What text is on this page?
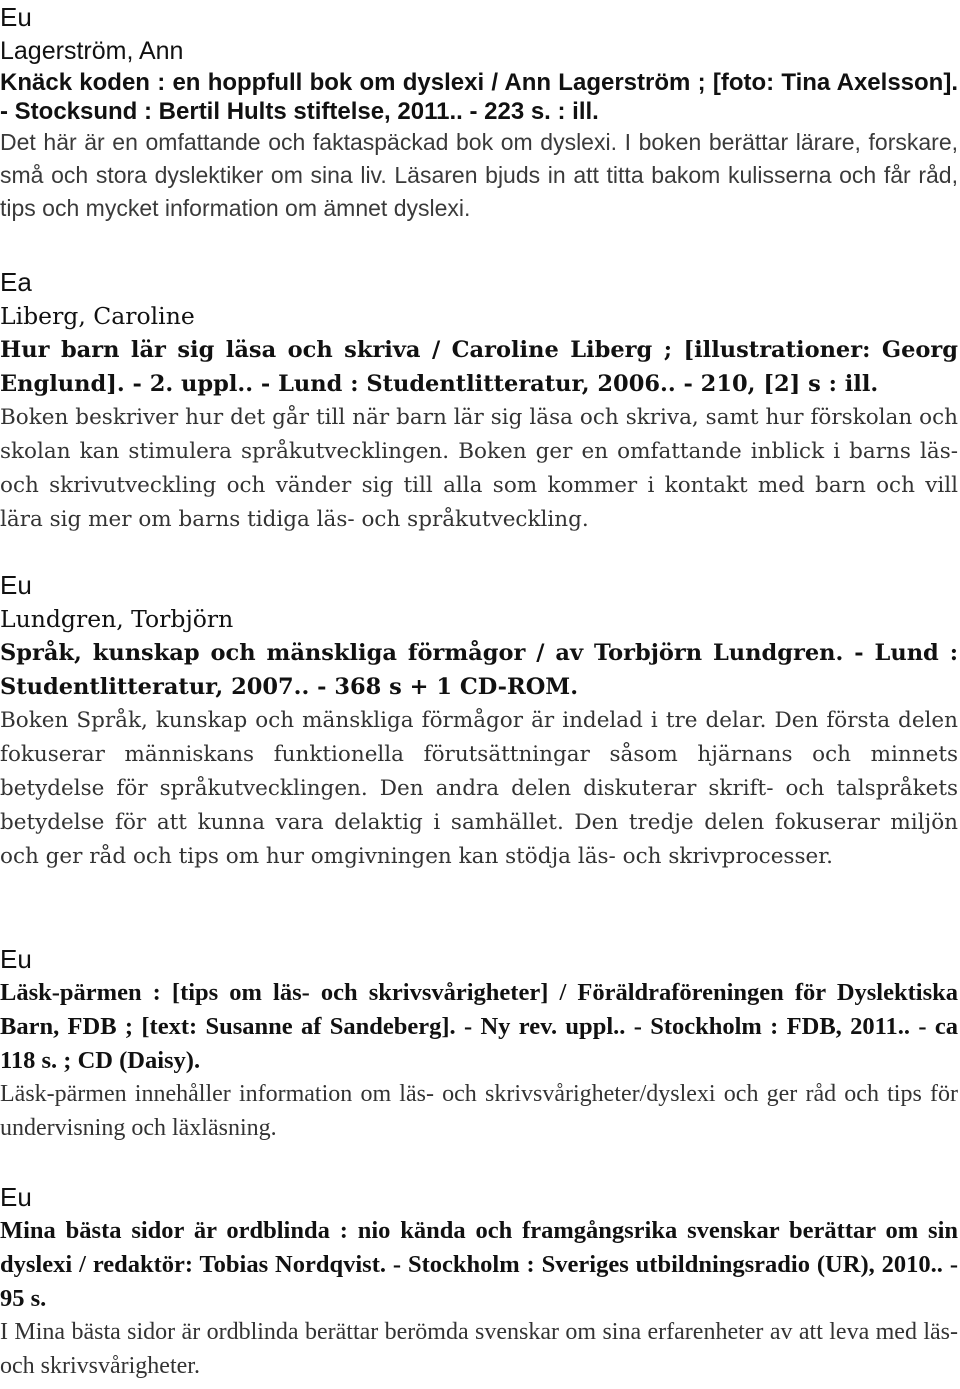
Eu
Lagerström, Ann
Knäck koden : en hoppfull bok om dyslexi / Ann Lagerström ; [foto: Tina Axelsson]. - Stocksund : Bertil Hults stiftelse, 2011.. - 223 s. : ill.
Det här är en omfattande och faktaspäckad bok om dyslexi. I boken berättar lärare, forskare, små och stora dyslektiker om sina liv. Läsaren bjuds in att titta bakom kulisserna och får råd, tips och mycket information om ämnet dyslexi.
Ea
Liberg, Caroline
Hur barn lär sig läsa och skriva / Caroline Liberg ; [illustrationer: Georg Englund]. - 2. uppl.. - Lund : Studentlitteratur, 2006.. - 210, [2] s : ill.
Boken beskriver hur det går till när barn lär sig läsa och skriva, samt hur förskolan och skolan kan stimulera språkutvecklingen. Boken ger en omfattande inblick i barns läs- och skrivutveckling och vänder sig till alla som kommer i kontakt med barn och vill lära sig mer om barns tidiga läs- och språkutveckling.
Eu
Lundgren, Torbjörn
Språk, kunskap och mänskliga förmågor / av Torbjörn Lundgren. - Lund : Studentlitteratur, 2007.. - 368 s + 1 CD-ROM.
Boken Språk, kunskap och mänskliga förmågor är indelad i tre delar. Den första delen fokuserar människans funktionella förutsättningar såsom hjärnans och minnets betydelse för språkutvecklingen. Den andra delen diskuterar skrift- och talspråkets betydelse för att kunna vara delaktig i samhället. Den tredje delen fokuserar miljön och ger råd och tips om hur omgivningen kan stödja läs- och skrivprocesser.
Eu
Läsk-pärmen : [tips om läs- och skrivsvårigheter] / Föräldraföreningen för Dyslektiska Barn, FDB ; [text: Susanne af Sandeberg]. - Ny rev. uppl.. - Stockholm : FDB, 2011.. - ca 118 s. ; CD (Daisy).
Läsk-pärmen innehåller information om läs- och skrivsvårigheter/dyslexi och ger råd och tips för undervisning och läxläsning.
Eu
Mina bästa sidor är ordblinda : nio kända och framgångsrika svenskar berättar om sin dyslexi / redaktör: Tobias Nordqvist. - Stockholm : Sveriges utbildningsradio (UR), 2010.. - 95 s.
I Mina bästa sidor är ordblinda berättar berömda svenskar om sina erfarenheter av att leva med läs- och skrivsvårigheter.
